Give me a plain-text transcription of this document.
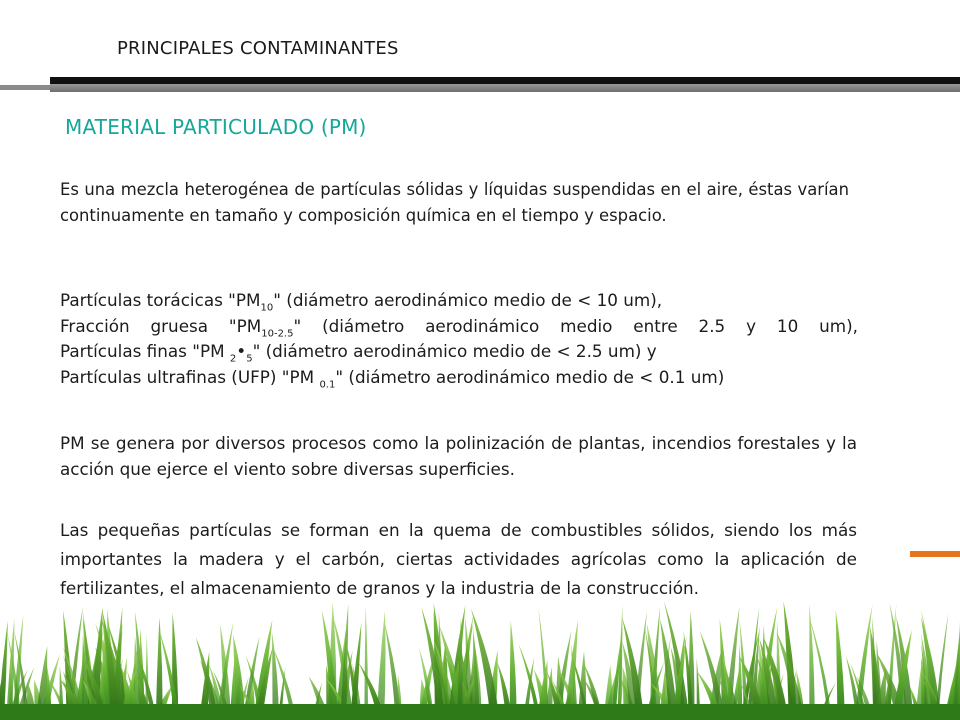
PRINCIPALES CONTAMINANTES
MATERIAL PARTICULADO (PM)
Es una mezcla heterogénea de partículas sólidas y líquidas suspendidas en el aire, éstas varían continuamente en tamaño y composición química en el tiempo y espacio.
Partículas torácicas "$PM_{10}$" (diámetro aerodinámico medio de < 10 um),
Fracción gruesa "$PM_{10-2.5}$" (diámetro aerodinámico medio entre 2.5 y 10 um),
Partículas finas "PM $_2•_5$" (diámetro aerodinámico medio de < 2.5 um) y
Partículas ultrafinas (UFP) "PM $_{0.1}$" (diámetro aerodinámico medio de < 0.1 um)
PM se genera por diversos procesos como la polinización de plantas, incendios forestales y la acción que ejerce el viento sobre diversas superficies.
Las pequeñas partículas se forman en la quema de combustibles sólidos, siendo los más importantes la madera y el carbón, ciertas actividades agrícolas como la aplicación de fertilizantes, el almacenamiento de granos y la industria de la construcción.
